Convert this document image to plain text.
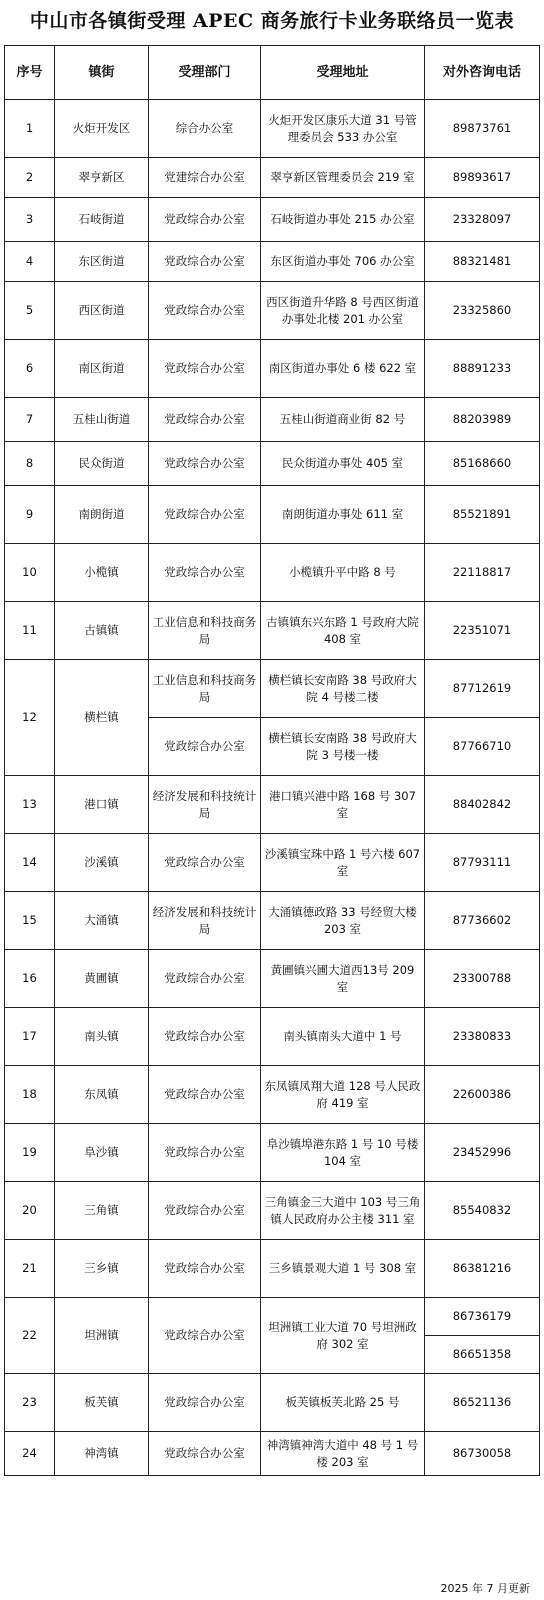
中山市各镇街受理 APEC 商务旅行卡业务联络员一览表
序号	镇街	受理部门	受理地址	对外咨询电话
1	火炬开发区	综合办公室	火炬开发区康乐大道 31 号管理委员会 533 办公室	89873761
2	翠亨新区	党建综合办公室	翠亨新区管理委员会 219 室	89893617
3	石岐街道	党政综合办公室	石岐街道办事处 215 办公室	23328097
4	东区街道	党政综合办公室	东区街道办事处 706 办公室	88321481
5	西区街道	党政综合办公室	西区街道升华路 8 号西区街道办事处北楼 201 办公室	23325860
6	南区街道	党政综合办公室	南区街道办事处 6 楼 622 室	88891233
7	五桂山街道	党政综合办公室	五桂山街道商业街 82 号	88203989
8	民众街道	党政综合办公室	民众街道办事处 405 室	85168660
9	南朗街道	党政综合办公室	南朗街道办事处 611 室	85521891
10	小榄镇	党政综合办公室	小榄镇升平中路 8 号	22118817
11	古镇镇	工业信息和科技商务局	古镇镇东兴东路 1 号政府大院 408 室	22351071
12	横栏镇	工业信息和科技商务局	横栏镇长安南路 38 号政府大院 4 号楼二楼	87712619
		党政综合办公室	横栏镇长安南路 38 号政府大院 3 号楼一楼	87766710
13	港口镇	经济发展和科技统计局	港口镇兴港中路 168 号 307 室	88402842
14	沙溪镇	党政综合办公室	沙溪镇宝珠中路 1 号六楼 607 室	87793111
15	大涌镇	经济发展和科技统计局	大涌镇德政路 33 号经贸大楼 203 室	87736602
16	黄圃镇	党政综合办公室	黄圃镇兴圃大道西13号 209 室	23300788
17	南头镇	党政综合办公室	南头镇南头大道中 1 号	23380833
18	东凤镇	党政综合办公室	东凤镇凤翔大道 128 号人民政府 419 室	22600386
19	阜沙镇	党政综合办公室	阜沙镇埠港东路 1 号 10 号楼 104 室	23452996
20	三角镇	党政综合办公室	三角镇金三大道中 103 号三角镇人民政府办公主楼 311 室	85540832
21	三乡镇	党政综合办公室	三乡镇景观大道 1 号 308 室	86381216
22	坦洲镇	党政综合办公室	坦洲镇工业大道 70 号坦洲政府 302 室	86736179
				86651358
23	板芙镇	党政综合办公室	板芙镇板芙北路 25 号	86521136
24	神湾镇	党政综合办公室	神湾镇神湾大道中 48 号 1 号楼 203 室	86730058
2025 年 7 月更新
